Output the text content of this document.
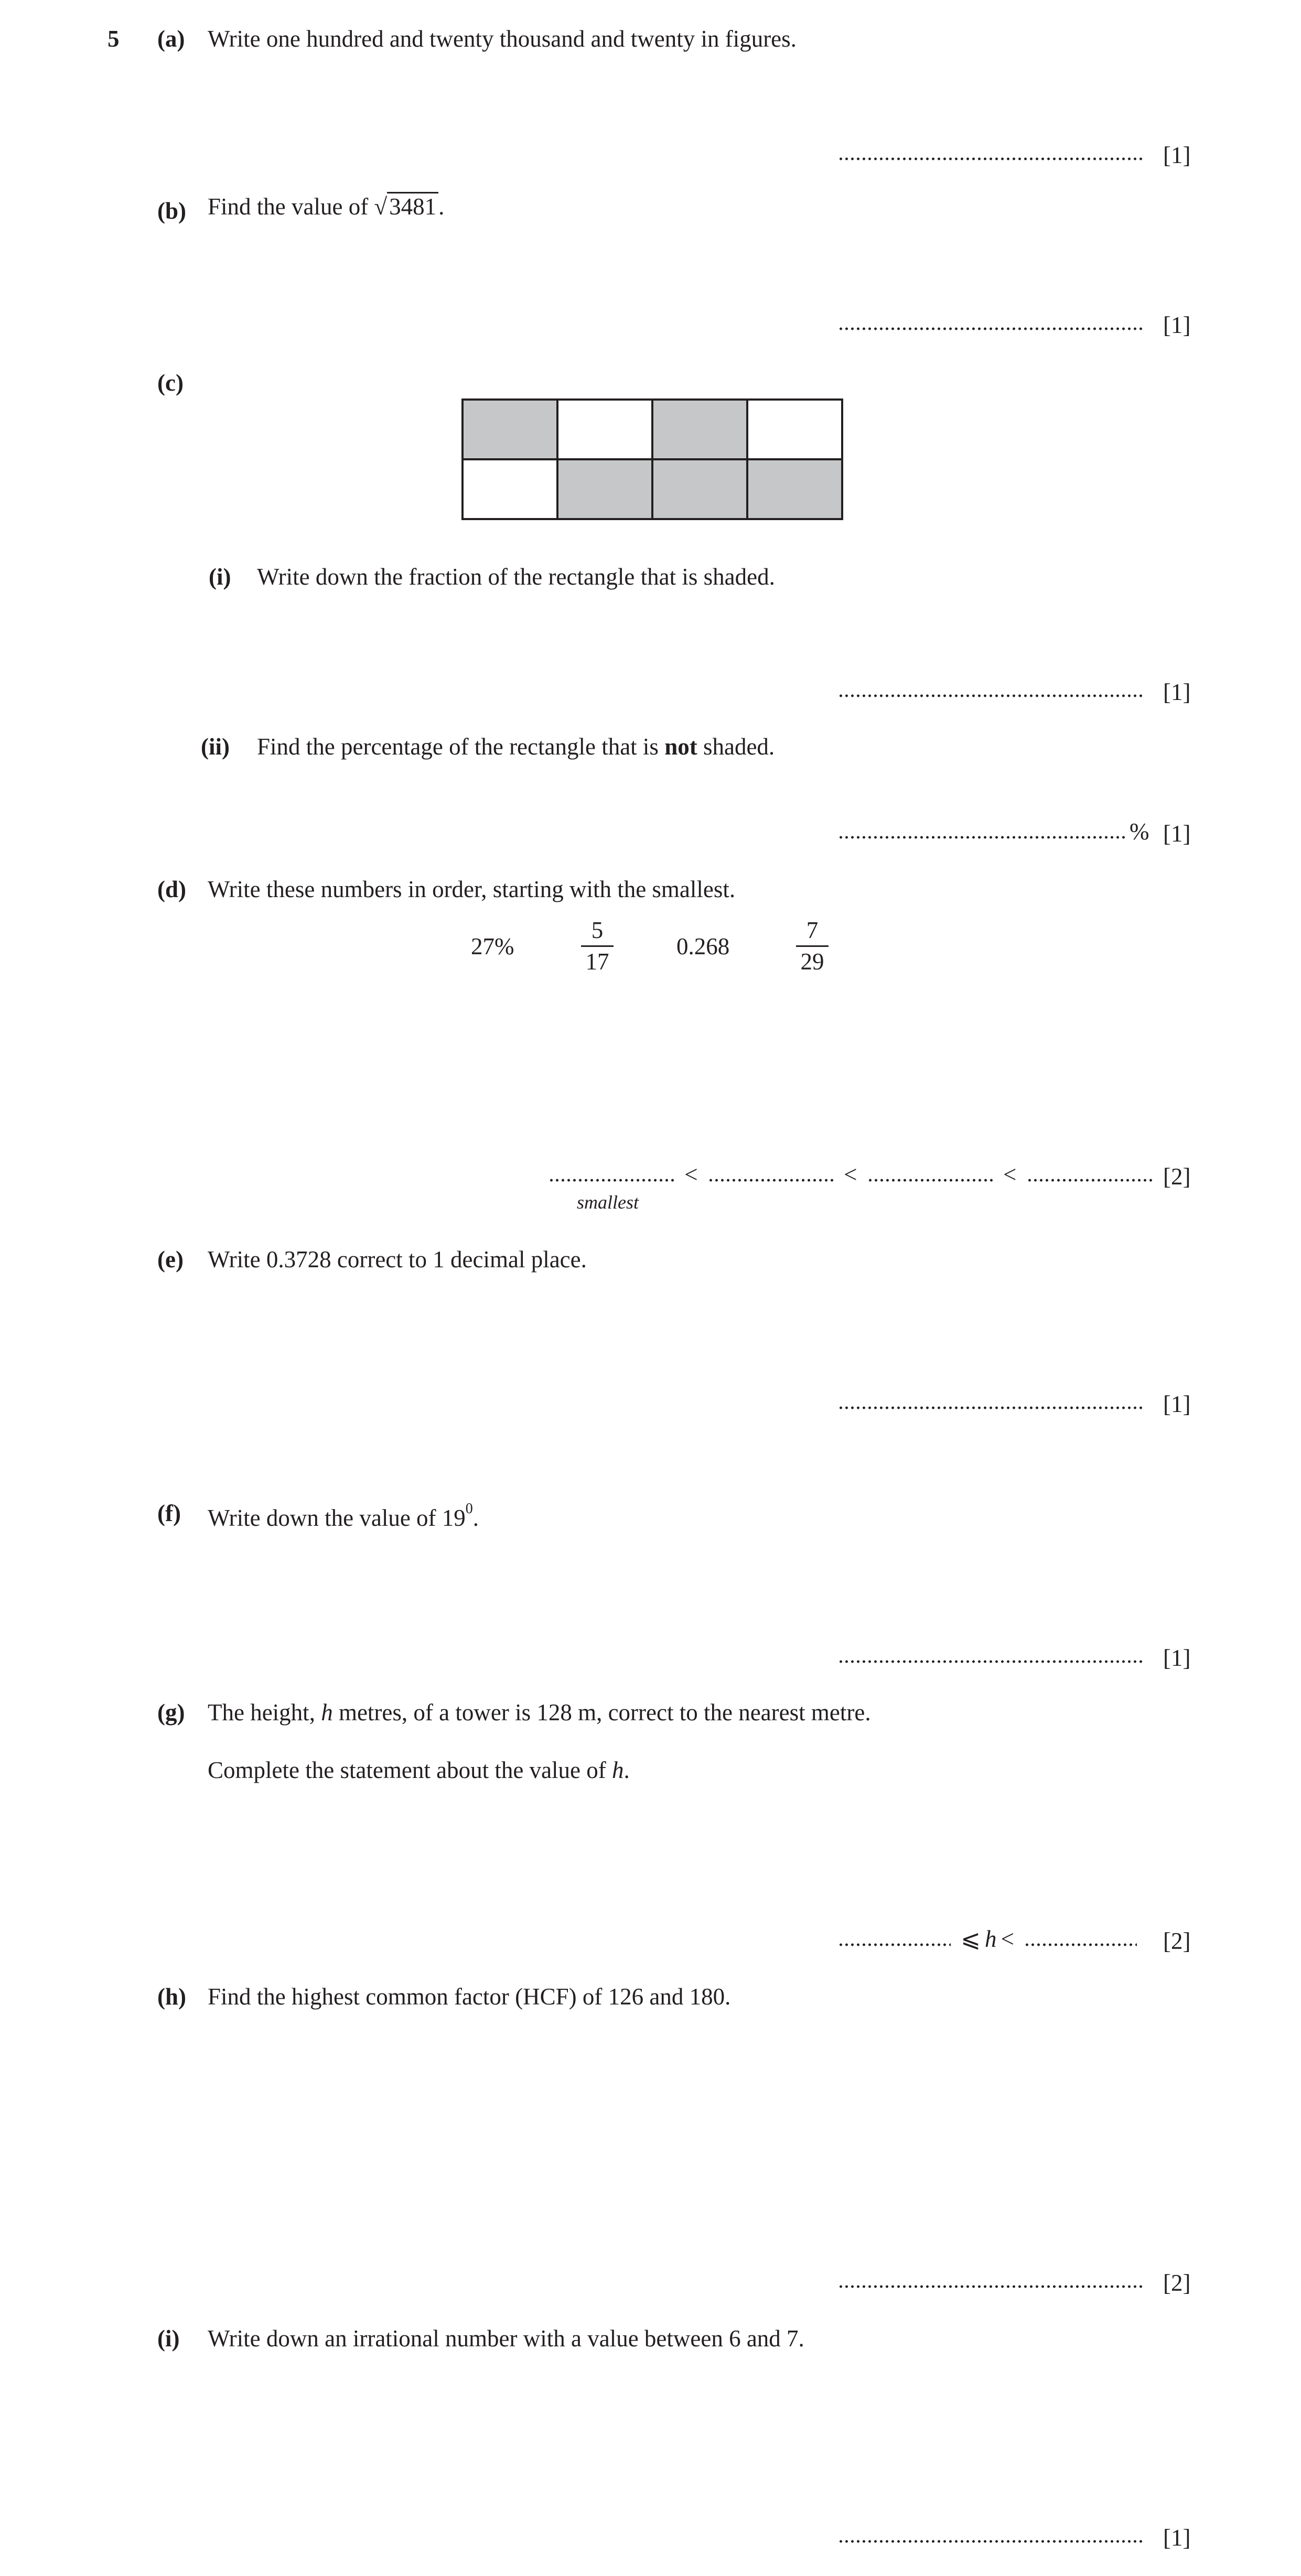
5 (a) Write one hundred and twenty thousand and twenty in figures.
[1]
(b) Find the value of √3481.
[1]
(c)

(i) Write down the fraction of the rectangle that is shaded.
[1]
(ii) Find the percentage of the rectangle that is not shaded.
% [1]
(d) Write these numbers in order, starting with the smallest.
27%
5
17
0.268
7
29
<	<	<	[2]
smallest
(e) Write 0.3728 correct to 1 decimal place.
[1]
(f) Write down the value of $19^0$.
[1]
(g) The height, h metres, of a tower is 128 m, correct to the nearest metre.
Complete the statement about the value of h.
⩽ h <	[2]
(h) Find the highest common factor (HCF) of 126 and 180.
[2]
(i) Write down an irrational number with a value between 6 and 7.
[1]
